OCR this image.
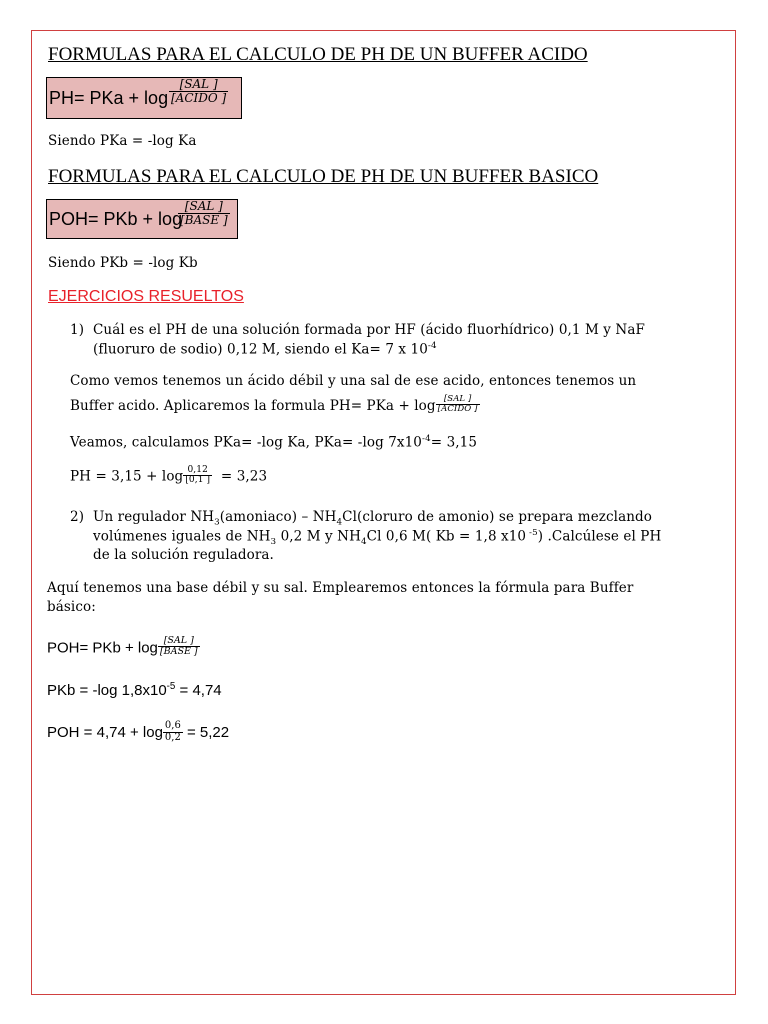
FORMULAS PARA EL CALCULO DE PH DE UN BUFFER ACIDO
PH= PKa + log
[SAL ]
[ACIDO ]
Siendo PKa = -log Ka
FORMULAS PARA EL CALCULO DE PH DE UN BUFFER BASICO
POH= PKb + log
[SAL ]
[BASE ]
Siendo PKb = -log Kb
EJERCICIOS RESUELTOS
1) Cuál es el PH de una solución formada por HF (ácido fluorhídrico) 0,1 M y NaF
(fluoruro de sodio) 0,12 M, siendo el Ka= 7 x $10^{-4}$
Como vemos tenemos un ácido débil y una sal de ese acido, entonces tenemos un
Buffer acido. Aplicaremos la formula PH= PKa + $\log \frac{\text{[SAL ]}}{\text{[ACIDO ]}}$
Veamos, calculamos PKa= -log Ka, PKa= -log $7x10^{-4}= 3,15$
PH = $3,15 + \log \frac{0,12}{[0,1 ]} = 3,23$
2) Un regulador $NH_3(amoniaco)$ – $NH_4Cl(cloruro$ de amonio) se prepara mezclando
volúmenes iguales de $NH_3$ 0,2 M y $NH_4Cl$ 0,6 M( Kb = 1,8 x10 $^{-5}$) .Calcúlese el PH
de la solución reguladora.
Aquí tenemos una base débil y su sal. Emplearemos entonces la fórmula para Buffer
básico:
POH= PKb + $\log \frac{\text{[SAL ]}}{\text{[BASE ]}}$
PKb = -log $1,8x10^{-5} = 4,74$
POH = $4,74 + \log \frac{0,6}{0,2} = 5,22$
